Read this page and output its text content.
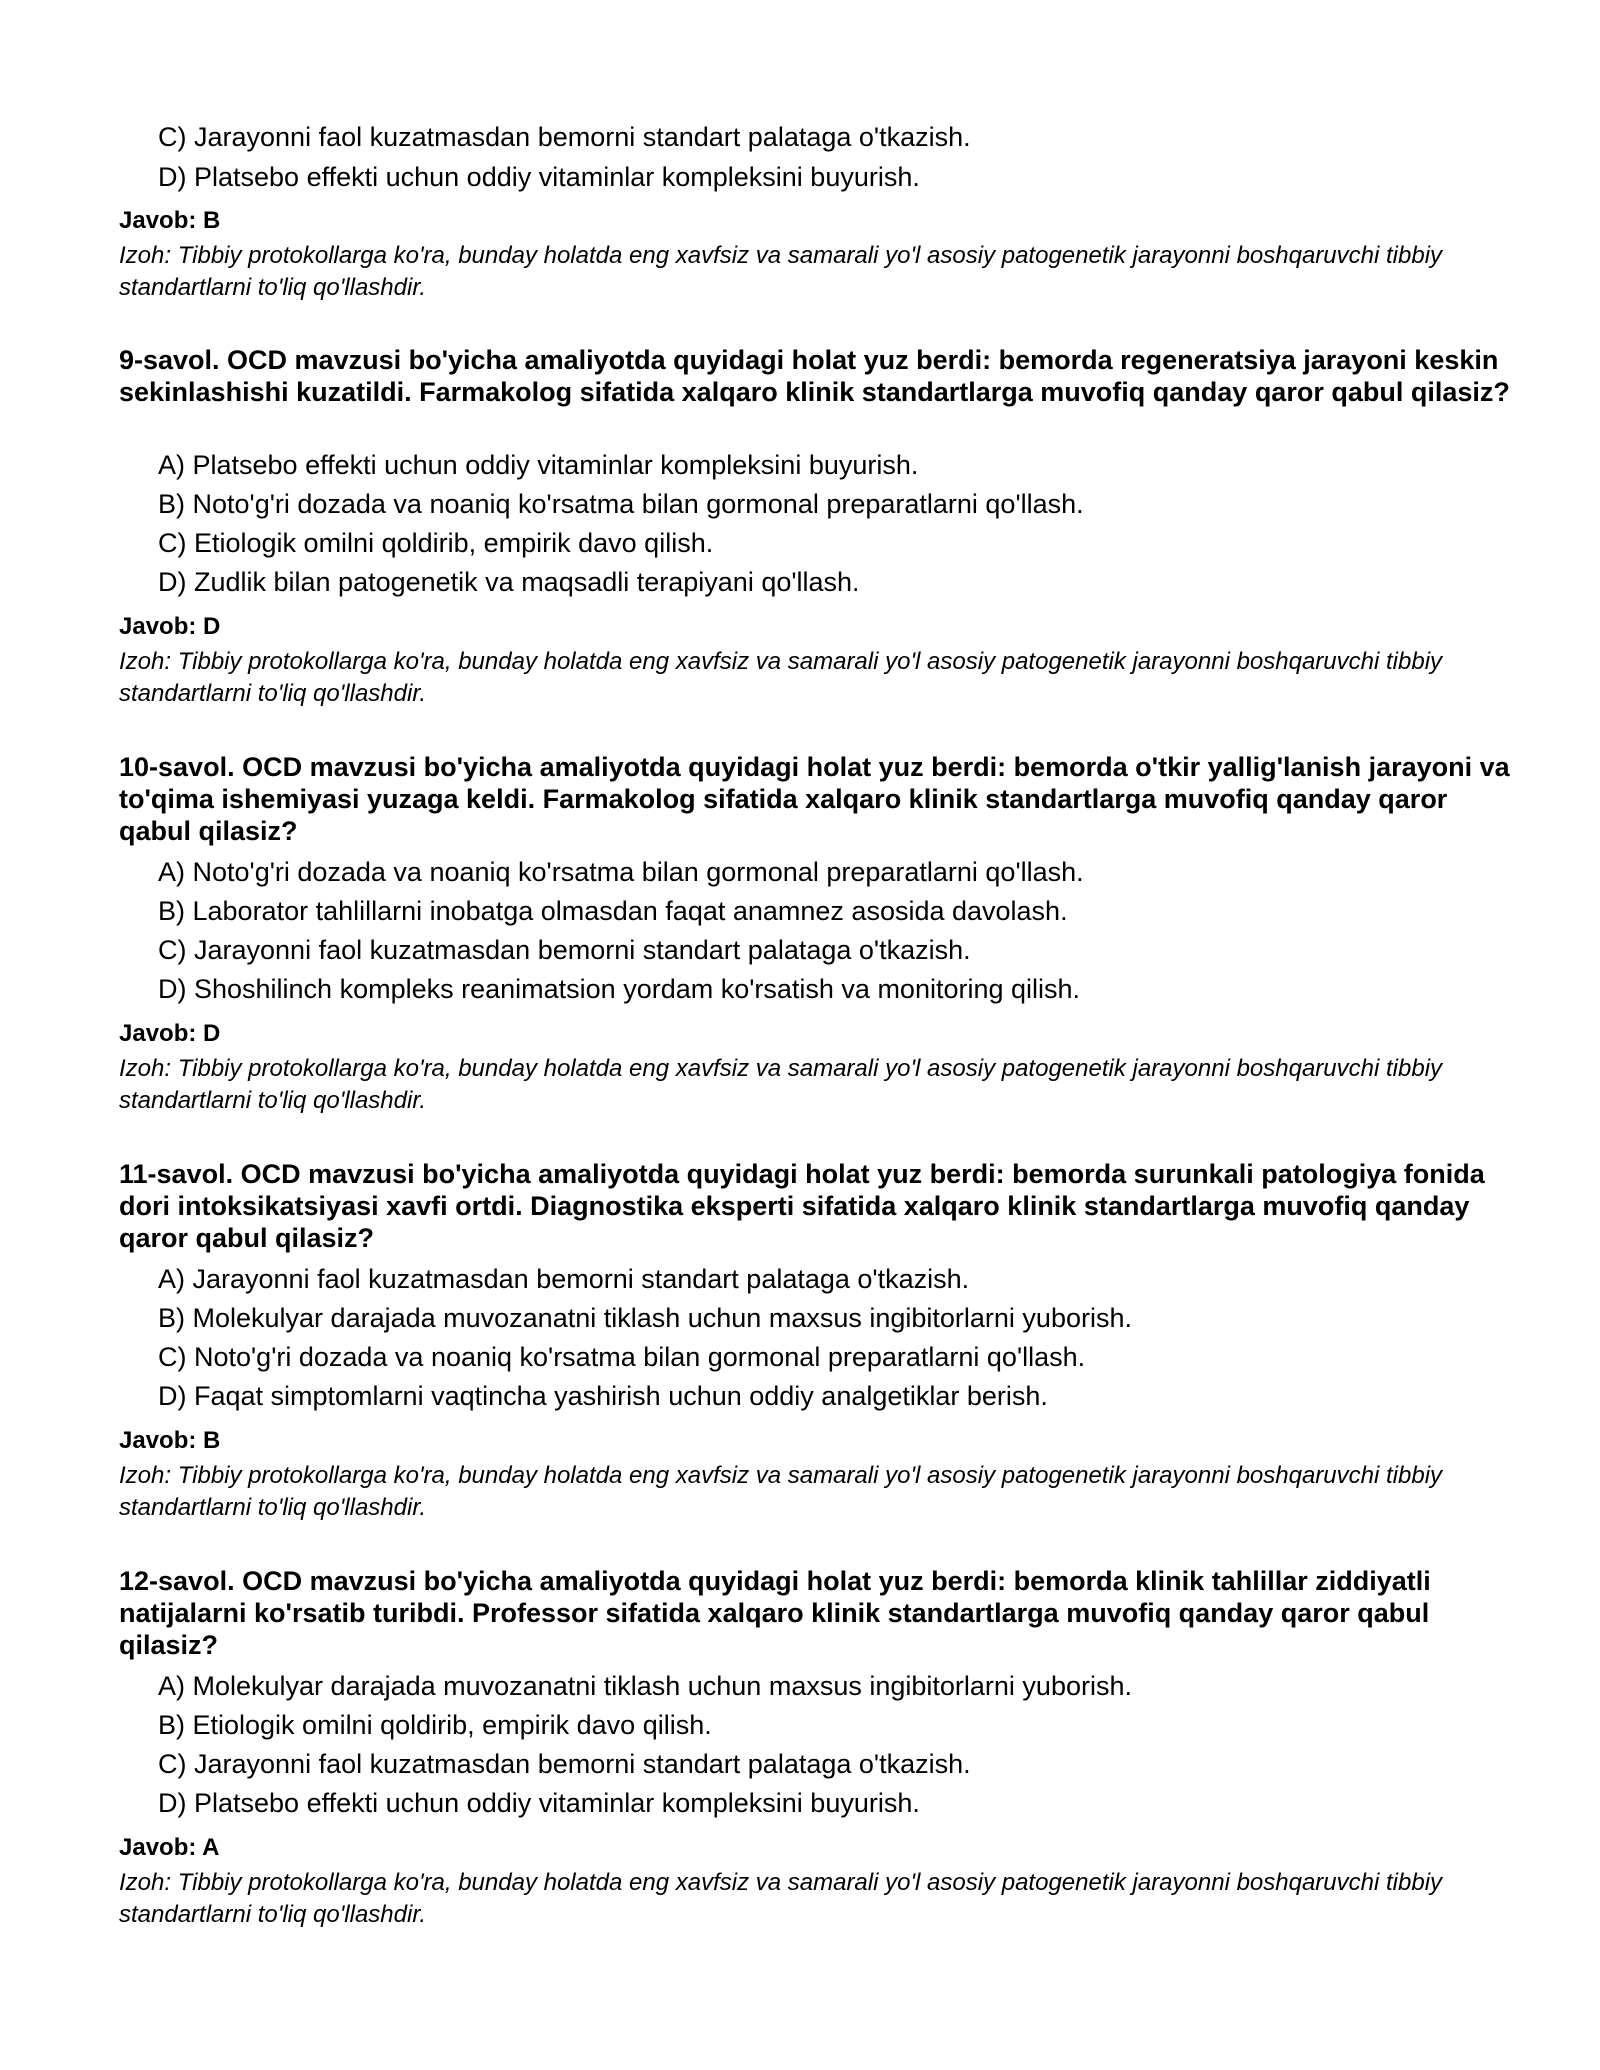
C) Jarayonni faol kuzatmasdan bemorni standart palataga o'tkazish.
D) Platsebo effekti uchun oddiy vitaminlar kompleksini buyurish.
Javob: B
Izoh: Tibbiy protokollarga ko'ra, bunday holatda eng xavfsiz va samarali yo'l asosiy patogenetik jarayonni boshqaruvchi tibbiy standartlarni to'liq qo'llashdir.
9-savol. OCD mavzusi bo'yicha amaliyotda quyidagi holat yuz berdi: bemorda regeneratsiya jarayoni keskin sekinlashishi kuzatildi. Farmakolog sifatida xalqaro klinik standartlarga muvofiq qanday qaror qabul qilasiz?
A) Platsebo effekti uchun oddiy vitaminlar kompleksini buyurish.
B) Noto'g'ri dozada va noaniq ko'rsatma bilan gormonal preparatlarni qo'llash.
C) Etiologik omilni qoldirib, empirik davo qilish.
D) Zudlik bilan patogenetik va maqsadli terapiyani qo'llash.
Javob: D
Izoh: Tibbiy protokollarga ko'ra, bunday holatda eng xavfsiz va samarali yo'l asosiy patogenetik jarayonni boshqaruvchi tibbiy standartlarni to'liq qo'llashdir.
10-savol. OCD mavzusi bo'yicha amaliyotda quyidagi holat yuz berdi: bemorda o'tkir yallig'lanish jarayoni va to'qima ishemiyasi yuzaga keldi. Farmakolog sifatida xalqaro klinik standartlarga muvofiq qanday qaror qabul qilasiz?
A) Noto'g'ri dozada va noaniq ko'rsatma bilan gormonal preparatlarni qo'llash.
B) Laborator tahlillarni inobatga olmasdan faqat anamnez asosida davolash.
C) Jarayonni faol kuzatmasdan bemorni standart palataga o'tkazish.
D) Shoshilinch kompleks reanimatsion yordam ko'rsatish va monitoring qilish.
Javob: D
Izoh: Tibbiy protokollarga ko'ra, bunday holatda eng xavfsiz va samarali yo'l asosiy patogenetik jarayonni boshqaruvchi tibbiy standartlarni to'liq qo'llashdir.
11-savol. OCD mavzusi bo'yicha amaliyotda quyidagi holat yuz berdi: bemorda surunkali patologiya fonida dori intoksikatsiyasi xavfi ortdi. Diagnostika eksperti sifatida xalqaro klinik standartlarga muvofiq qanday qaror qabul qilasiz?
A) Jarayonni faol kuzatmasdan bemorni standart palataga o'tkazish.
B) Molekulyar darajada muvozanatni tiklash uchun maxsus ingibitorlarni yuborish.
C) Noto'g'ri dozada va noaniq ko'rsatma bilan gormonal preparatlarni qo'llash.
D) Faqat simptomlarni vaqtincha yashirish uchun oddiy analgetiklar berish.
Javob: B
Izoh: Tibbiy protokollarga ko'ra, bunday holatda eng xavfsiz va samarali yo'l asosiy patogenetik jarayonni boshqaruvchi tibbiy standartlarni to'liq qo'llashdir.
12-savol. OCD mavzusi bo'yicha amaliyotda quyidagi holat yuz berdi: bemorda klinik tahlillar ziddiyatli natijalarni ko'rsatib turibdi. Professor sifatida xalqaro klinik standartlarga muvofiq qanday qaror qabul qilasiz?
A) Molekulyar darajada muvozanatni tiklash uchun maxsus ingibitorlarni yuborish.
B) Etiologik omilni qoldirib, empirik davo qilish.
C) Jarayonni faol kuzatmasdan bemorni standart palataga o'tkazish.
D) Platsebo effekti uchun oddiy vitaminlar kompleksini buyurish.
Javob: A
Izoh: Tibbiy protokollarga ko'ra, bunday holatda eng xavfsiz va samarali yo'l asosiy patogenetik jarayonni boshqaruvchi tibbiy standartlarni to'liq qo'llashdir.
